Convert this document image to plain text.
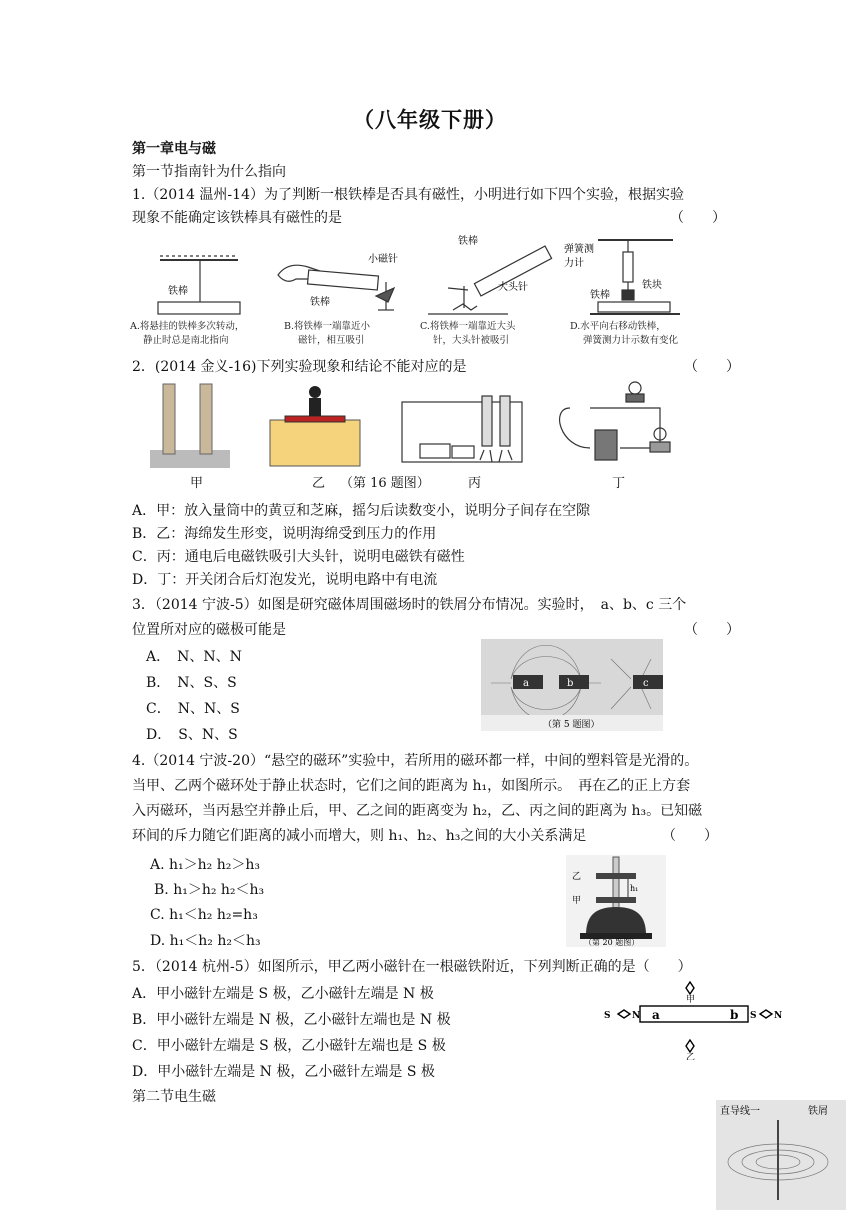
（八年级下册）
第一章电与磁
第一节指南针为什么指向
1.（2014 温州-14）为了判断一根铁棒是否具有磁性，小明进行如下四个实验，根据实验
现象不能确定该铁棒具有磁性的是	（　　）
铁棒
铁棒
小磁针
铁棒
大头针
弹簧测
力计
铁块
铁棒
A.将悬挂的铁棒多次转动，
静止时总是南北指向
B.将铁棒一端靠近小
磁针，相互吸引
C.将铁棒一端靠近大头
针，大头针被吸引
D.水平向右移动铁棒，
弹簧测力计示数有变化
2．(2014 金义-16)下列实验现象和结论不能对应的是	（　　）
甲	乙 （第 16 题图）	丙	丁
A．甲：放入量筒中的黄豆和芝麻，摇匀后读数变小，说明分子间存在空隙
B．乙：海绵发生形变，说明海绵受到压力的作用
C．丙：通电后电磁铁吸引大头针，说明电磁铁有磁性
D．丁：开关闭合后灯泡发光，说明电路中有电流
3．（2014 宁波-5）如图是研究磁体周围磁场时的铁屑分布情况。实验时，　a、b、c 三个
位置所对应的磁极可能是	（　　）
A．　N、N、N
B．　N、S、S
C．　N、N、S
D．　S、N、S
a	b	c
（第 5 题图）
4.（2014 宁波-20）“悬空的磁环”实验中，若所用的磁环都一样，中间的塑料管是光滑的。
当甲、乙两个磁环处于静止状态时，它们之间的距离为 h₁，如图所示。　再在乙的正上方套
入丙磁环，当丙悬空并静止后，甲、乙之间的距离变为 h₂，乙、丙之间的距离为 h₃。已知磁
环间的斥力随它们距离的减小而增大，则 h₁、h₂、h₃之间的大小关系满足	（　　）
A. h₁＞h₂ h₂＞h₃
B. h₁＞h₂ h₂＜h₃
C. h₁＜h₂ h₂=h₃
D. h₁＜h₂ h₂＜h₃
乙
甲
h₁
（第 20 题图）
5．（2014 杭州-5）如图所示，甲乙两小磁针在一根磁铁附近，下列判断正确的是（　　）
A．甲小磁针左端是 S 极，乙小磁针左端是 N 极
B．甲小磁针左端是 N 极，乙小磁针左端也是 N 极
C．甲小磁针左端是 S 极，乙小磁针左端也是 S 极
D．甲小磁针左端是 N 极，乙小磁针左端是 S 极
a	b
甲
乙
S N	S N
第二节电生磁
直导线一	铁屑
